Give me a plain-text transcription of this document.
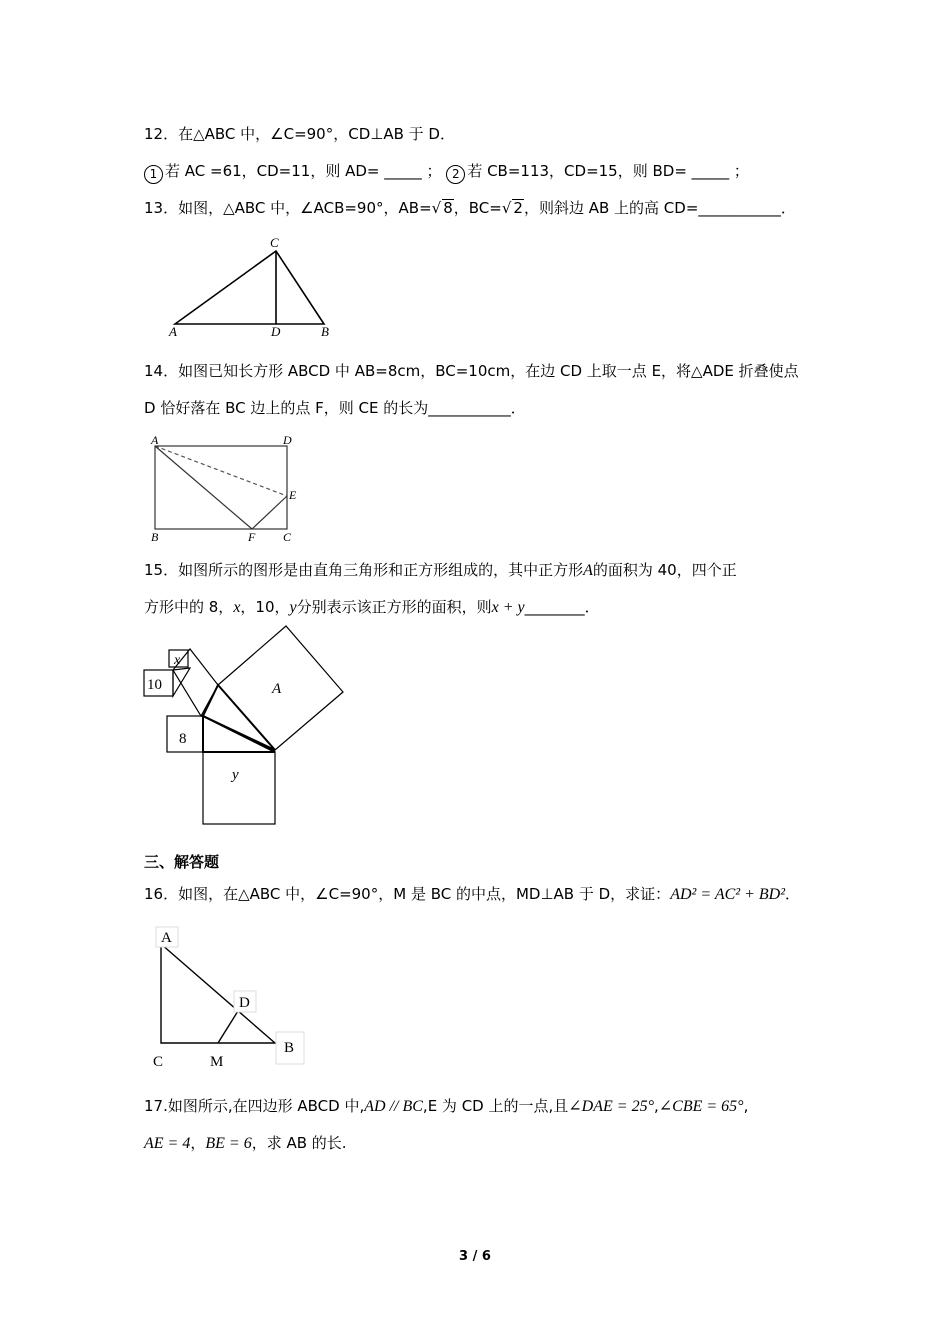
12．在△ABC 中，∠C=90°，CD⊥AB 于 D．
1 若 AC =61，CD=11，则 AD= _____ ； 2 若 CB=113，CD=15，则 BD= _____ ；
13．如图，△ABC 中，∠ACB=90°，AB=√ 8，BC=√ 2，则斜边 AB 上的高 CD=___________．
C
A	D	B
14．如图已知长方形 ABCD 中 AB=8cm，BC=10cm，在边 CD 上取一点 E，将△ADE 折叠使点
D 恰好落在 BC 边上的点 F，则 CE 的长为___________．
A	D
E
B	F C
15．如图所示的图形是由直角三角形和正方形组成的，其中正方形A的面积为 40，四个正
方形中的 8，x，10，y分别表示该正方形的面积，则x + y________．
x
10	A
8
y
三、解答题
16．如图，在△ABC 中，∠C=90°，M 是 BC 的中点，MD⊥AB 于 D，求证：AD² = AC² + BD²．
A
D
B
C	M
17.如图所示,在四边形 ABCD 中,AD // BC,E 为 CD 上的一点,且∠DAE = 25°,∠CBE = 65°,
AE = 4，BE = 6，求 AB 的长.
3 / 6
